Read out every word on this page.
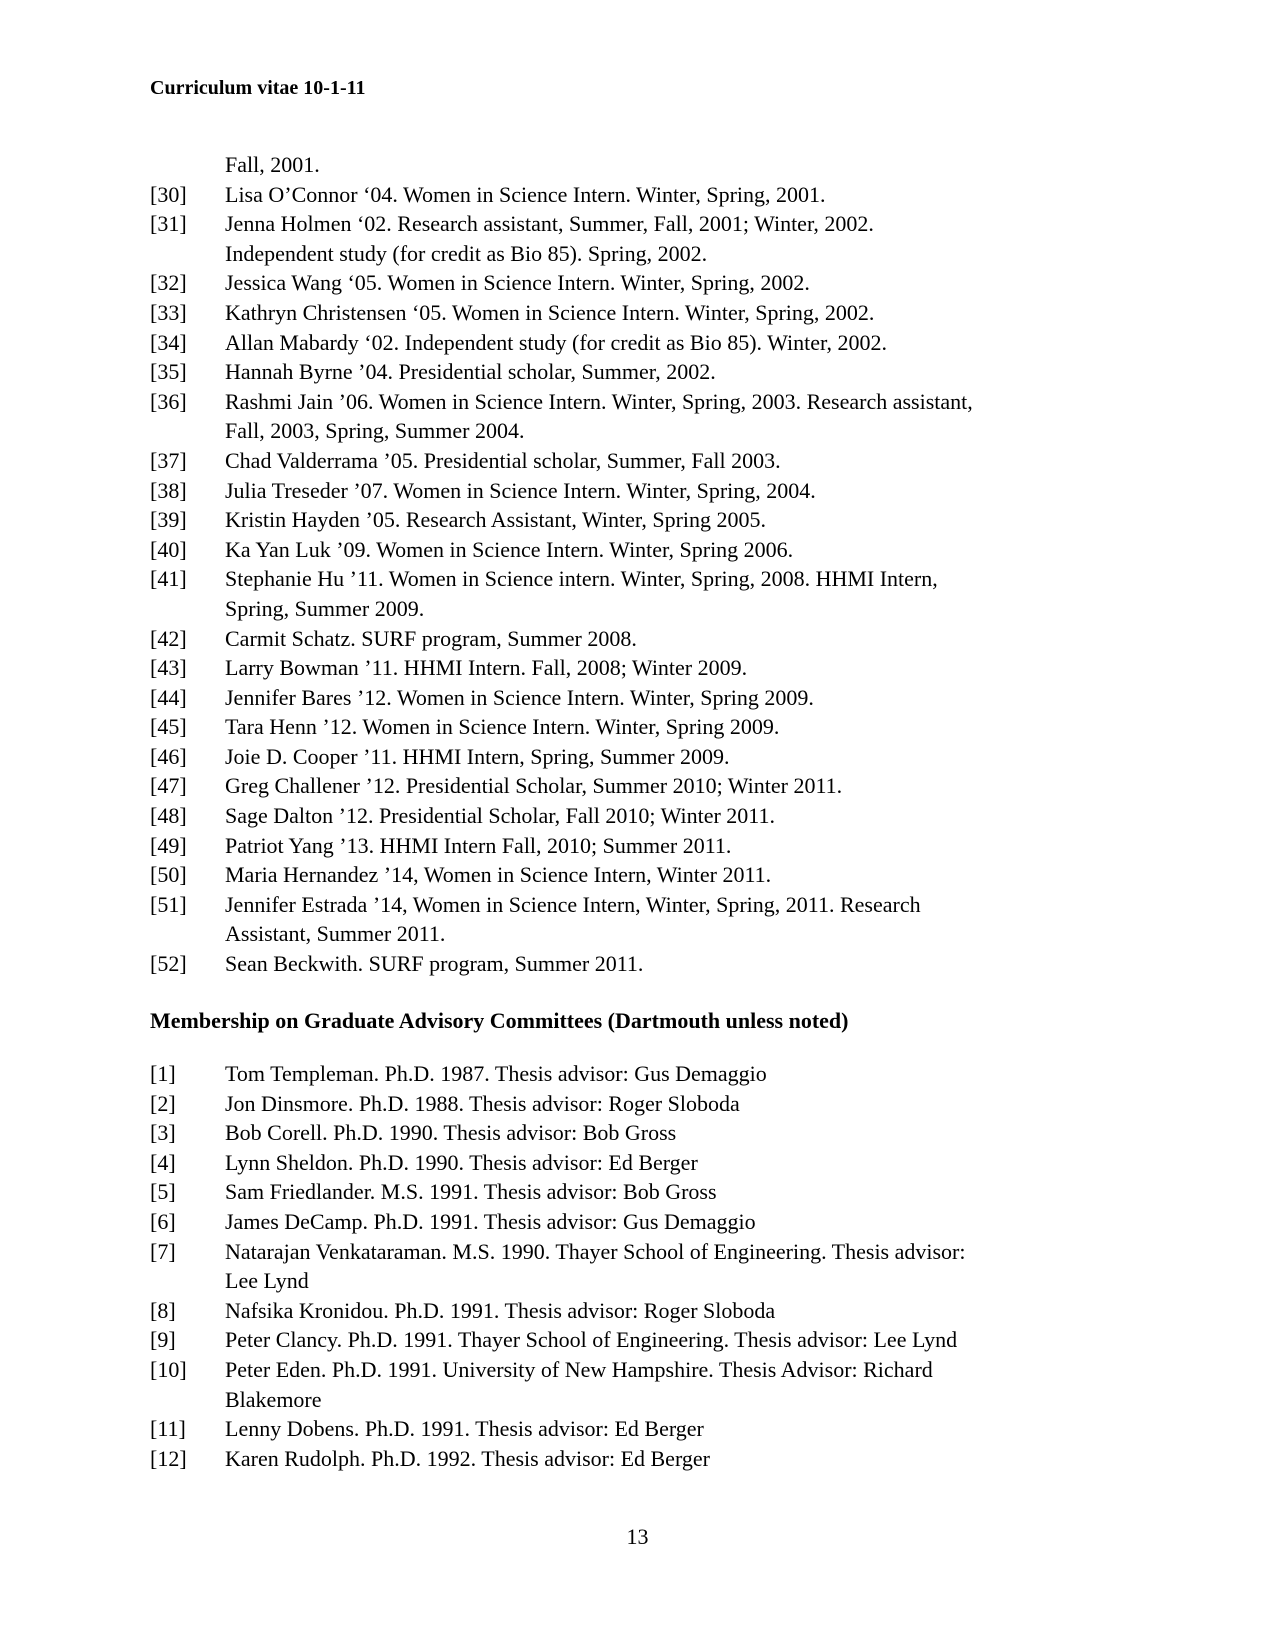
Curriculum vitae 10-1-11
Fall, 2001.
[30]	Lisa O’Connor ‘04. Women in Science Intern. Winter, Spring, 2001.
[31]	Jenna Holmen ‘02. Research assistant, Summer, Fall, 2001; Winter, 2002.
Independent study (for credit as Bio 85). Spring, 2002.
[32]	Jessica Wang ‘05. Women in Science Intern. Winter, Spring, 2002.
[33]	Kathryn Christensen ‘05. Women in Science Intern. Winter, Spring, 2002.
[34]	Allan Mabardy ‘02. Independent study (for credit as Bio 85). Winter, 2002.
[35]	Hannah Byrne ’04. Presidential scholar, Summer, 2002.
[36]	Rashmi Jain ’06. Women in Science Intern. Winter, Spring, 2003. Research assistant,
Fall, 2003, Spring, Summer 2004.
[37]	Chad Valderrama ’05. Presidential scholar, Summer, Fall 2003.
[38]	Julia Treseder ’07. Women in Science Intern. Winter, Spring, 2004.
[39]	Kristin Hayden ’05. Research Assistant, Winter, Spring 2005.
[40]	Ka Yan Luk ’09. Women in Science Intern. Winter, Spring 2006.
[41]	Stephanie Hu ’11. Women in Science intern. Winter, Spring, 2008. HHMI Intern,
Spring, Summer 2009.
[42]	Carmit Schatz. SURF program, Summer 2008.
[43]	Larry Bowman ’11. HHMI Intern. Fall, 2008; Winter 2009.
[44]	Jennifer Bares ’12. Women in Science Intern. Winter, Spring 2009.
[45]	Tara Henn ’12. Women in Science Intern. Winter, Spring 2009.
[46]	Joie D. Cooper ’11. HHMI Intern, Spring, Summer 2009.
[47]	Greg Challener ’12. Presidential Scholar, Summer 2010; Winter 2011.
[48]	Sage Dalton ’12. Presidential Scholar, Fall 2010; Winter 2011.
[49]	Patriot Yang ’13. HHMI Intern Fall, 2010; Summer 2011.
[50]	Maria Hernandez ’14, Women in Science Intern, Winter 2011.
[51]	Jennifer Estrada ’14, Women in Science Intern, Winter, Spring, 2011. Research
Assistant, Summer 2011.
[52]	Sean Beckwith. SURF program, Summer 2011.
Membership on Graduate Advisory Committees (Dartmouth unless noted)
[1]	Tom Templeman. Ph.D. 1987. Thesis advisor: Gus Demaggio
[2]	Jon Dinsmore. Ph.D. 1988. Thesis advisor: Roger Sloboda
[3]	Bob Corell. Ph.D. 1990. Thesis advisor: Bob Gross
[4]	Lynn Sheldon. Ph.D. 1990. Thesis advisor: Ed Berger
[5]	Sam Friedlander. M.S. 1991. Thesis advisor: Bob Gross
[6]	James DeCamp. Ph.D. 1991. Thesis advisor: Gus Demaggio
[7]	Natarajan Venkataraman. M.S. 1990. Thayer School of Engineering. Thesis advisor:
Lee Lynd
[8]	Nafsika Kronidou. Ph.D. 1991. Thesis advisor: Roger Sloboda
[9]	Peter Clancy. Ph.D. 1991. Thayer School of Engineering. Thesis advisor: Lee Lynd
[10]	Peter Eden. Ph.D. 1991. University of New Hampshire. Thesis Advisor: Richard
Blakemore
[11]	Lenny Dobens. Ph.D. 1991. Thesis advisor: Ed Berger
[12]	Karen Rudolph. Ph.D. 1992. Thesis advisor: Ed Berger
13
